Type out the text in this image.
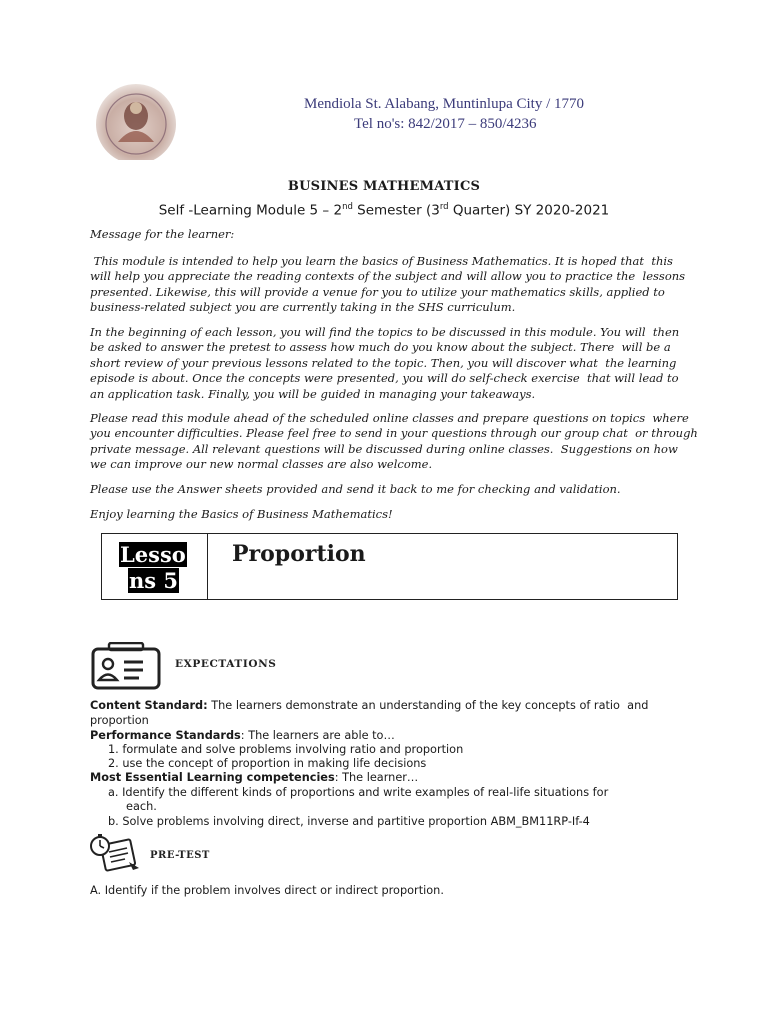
Mendiola St. Alabang, Muntinlupa City / 1770
Tel no's: 842/2017 – 850/4236
BUSINES MATHEMATICS
Self -Learning Module 5 – 2nd Semester (3rd Quarter) SY 2020-2021
Message for the learner:

This module is intended to help you learn the basics of Business Mathematics. It is hoped that  this

will help you appreciate the reading contexts of the subject and will allow you to practice the  lessons

presented. Likewise, this will provide a venue for you to utilize your mathematics skills, applied to

business-related subject you are currently taking in the SHS curriculum.

In the beginning of each lesson, you will find the topics to be discussed in this module. You will  then

be asked to answer the pretest to assess how much do you know about the subject. There  will be a

short review of your previous lessons related to the topic. Then, you will discover what  the learning

episode is about. Once the concepts were presented, you will do self-check exercise  that will lead to

an application task. Finally, you will be guided in managing your takeaways.

Please read this module ahead of the scheduled online classes and prepare questions on topics  where

you encounter difficulties. Please feel free to send in your questions through our group chat  or through

private message. All relevant questions will be discussed during online classes.  Suggestions on how

we can improve our new normal classes are also welcome.

Please use the Answer sheets provided and send it back to me for checking and validation.

Enjoy learning the Basics of Business Mathematics!

Lesso
ns 5
Proportion
EXPECTATIONS
Content Standard: The learners demonstrate an understanding of the key concepts of ratio  and
proportion
Performance Standards: The learners are able to…
1. formulate and solve problems involving ratio and proportion
2. use the concept of proportion in making life decisions
Most Essential Learning competencies: The learner…
a. Identify the different kinds of proportions and write examples of real-life situations for
each.
b. Solve problems involving direct, inverse and partitive proportion ABM_BM11RP-If-4
PRE-TEST
A. Identify if the problem involves direct or indirect proportion.
